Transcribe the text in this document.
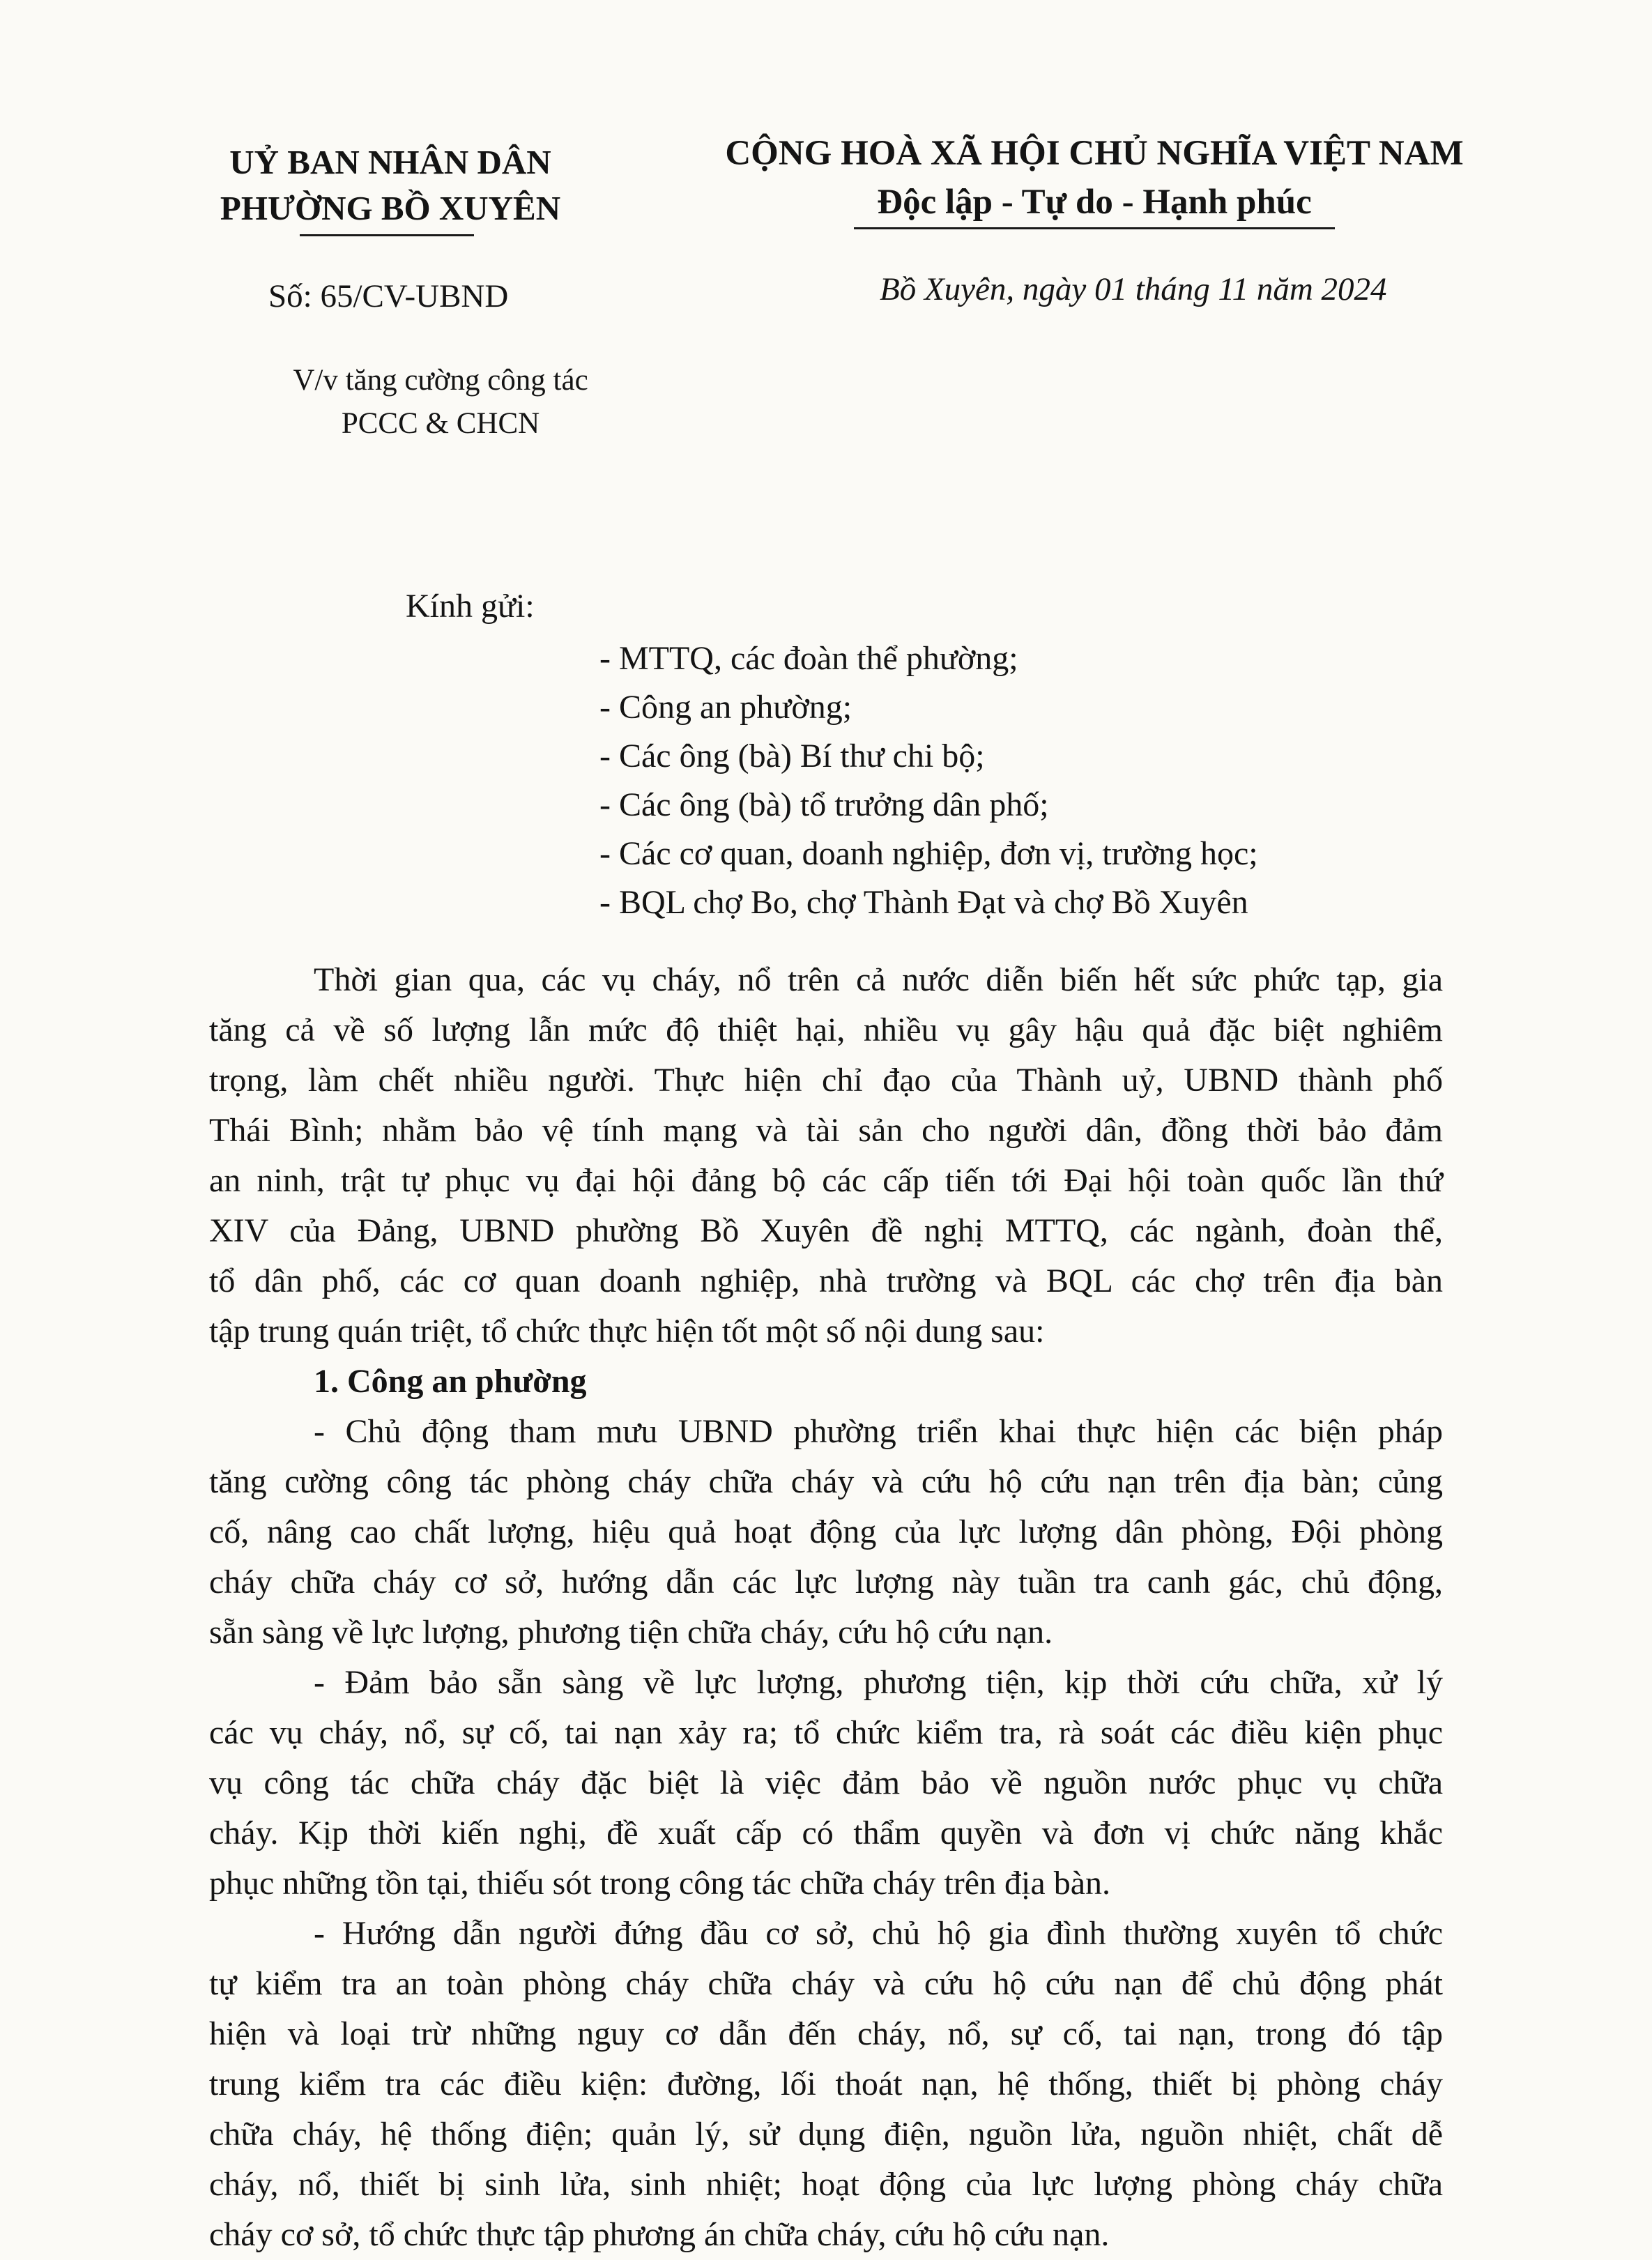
UỶ BAN NHÂN DÂN
PHƯỜNG BỒ XUYÊN
CỘNG HOÀ XÃ HỘI CHỦ NGHĨA VIỆT NAM
Độc lập - Tự do - Hạnh phúc
Số: 65/CV-UBND	Bồ Xuyên, ngày 01 tháng 11 năm 2024
V/v tăng cường công tác
PCCC & CHCN
Kính gửi:
- MTTQ, các đoàn thể phường;
- Công an phường;
- Các ông (bà) Bí thư chi bộ;
- Các ông (bà) tổ trưởng dân phố;
- Các cơ quan, doanh nghiệp, đơn vị, trường học;
- BQL chợ Bo, chợ Thành Đạt và chợ Bồ Xuyên
Thời gian qua, các vụ cháy, nổ trên cả nước diễn biến hết sức phức tạp, gia
tăng cả về số lượng lẫn mức độ thiệt hại, nhiều vụ gây hậu quả đặc biệt nghiêm
trọng, làm chết nhiều người. Thực hiện chỉ đạo của Thành uỷ, UBND thành phố
Thái Bình; nhằm bảo vệ tính mạng và tài sản cho người dân, đồng thời bảo đảm
an ninh, trật tự phục vụ đại hội đảng bộ các cấp tiến tới Đại hội toàn quốc lần thứ
XIV của Đảng, UBND phường Bồ Xuyên đề nghị MTTQ, các ngành, đoàn thể,
tổ dân phố, các cơ quan doanh nghiệp, nhà trường và BQL các chợ trên địa bàn
tập trung quán triệt, tổ chức thực hiện tốt một số nội dung sau:
1. Công an phường
- Chủ động tham mưu UBND phường triển khai thực hiện các biện pháp
tăng cường công tác phòng cháy chữa cháy và cứu hộ cứu nạn trên địa bàn; củng
cố, nâng cao chất lượng, hiệu quả hoạt động của lực lượng dân phòng, Đội phòng
cháy chữa cháy cơ sở, hướng dẫn các lực lượng này tuần tra canh gác, chủ động,
sẵn sàng về lực lượng, phương tiện chữa cháy, cứu hộ cứu nạn.
- Đảm bảo sẵn sàng về lực lượng, phương tiện, kịp thời cứu chữa, xử lý
các vụ cháy, nổ, sự cố, tai nạn xảy ra; tổ chức kiểm tra, rà soát các điều kiện phục
vụ công tác chữa cháy đặc biệt là việc đảm bảo về nguồn nước phục vụ chữa
cháy. Kịp thời kiến nghị, đề xuất cấp có thẩm quyền và đơn vị chức năng khắc
phục những tồn tại, thiếu sót trong công tác chữa cháy trên địa bàn.
- Hướng dẫn người đứng đầu cơ sở, chủ hộ gia đình thường xuyên tổ chức
tự kiểm tra an toàn phòng cháy chữa cháy và cứu hộ cứu nạn để chủ động phát
hiện và loại trừ những nguy cơ dẫn đến cháy, nổ, sự cố, tai nạn, trong đó tập
trung kiểm tra các điều kiện: đường, lối thoát nạn, hệ thống, thiết bị phòng cháy
chữa cháy, hệ thống điện; quản lý, sử dụng điện, nguồn lửa, nguồn nhiệt, chất dễ
cháy, nổ, thiết bị sinh lửa, sinh nhiệt; hoạt động của lực lượng phòng cháy chữa
cháy cơ sở, tổ chức thực tập phương án chữa cháy, cứu hộ cứu nạn.
